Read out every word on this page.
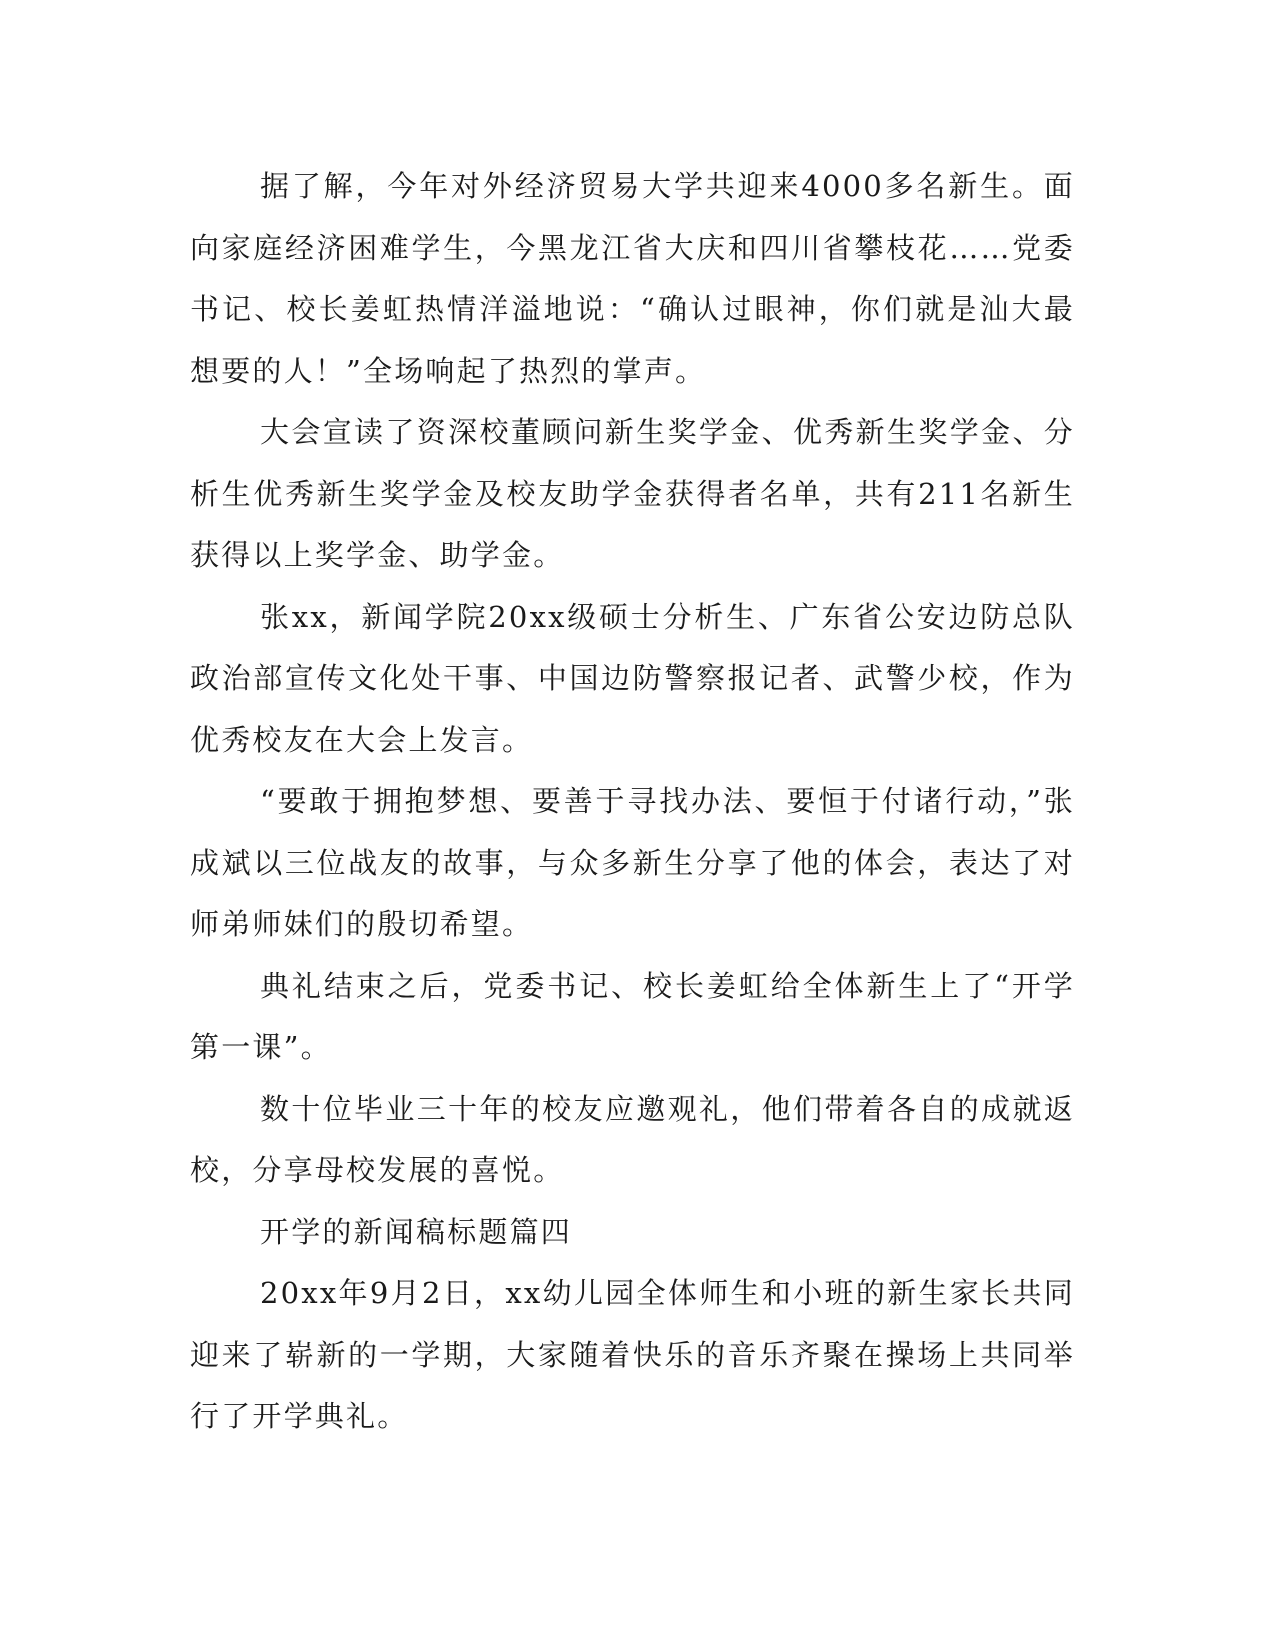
据了解，今年对外经济贸易大学共迎来4000多名新生。面向家庭经济困难学生，今黑龙江省大庆和四川省攀枝花……党委书记、校长姜虹热情洋溢地说：“确认过眼神，你们就是汕大最想要的人！”全场响起了热烈的掌声。

大会宣读了资深校董顾问新生奖学金、优秀新生奖学金、分析生优秀新生奖学金及校友助学金获得者名单，共有211名新生获得以上奖学金、助学金。

张xx，新闻学院20xx级硕士分析生、广东省公安边防总队政治部宣传文化处干事、中国边防警察报记者、武警少校，作为优秀校友在大会上发言。

“要敢于拥抱梦想、要善于寻找办法、要恒于付诸行动，”张成斌以三位战友的故事，与众多新生分享了他的体会，表达了对师弟师妹们的殷切希望。

典礼结束之后，党委书记、校长姜虹给全体新生上了“开学第一课”。

数十位毕业三十年的校友应邀观礼，他们带着各自的成就返校，分享母校发展的喜悦。

开学的新闻稿标题篇四

20xx年9月2日，xx幼儿园全体师生和小班的新生家长共同迎来了崭新的一学期，大家随着快乐的音乐齐聚在操场上共同举行了开学典礼。
